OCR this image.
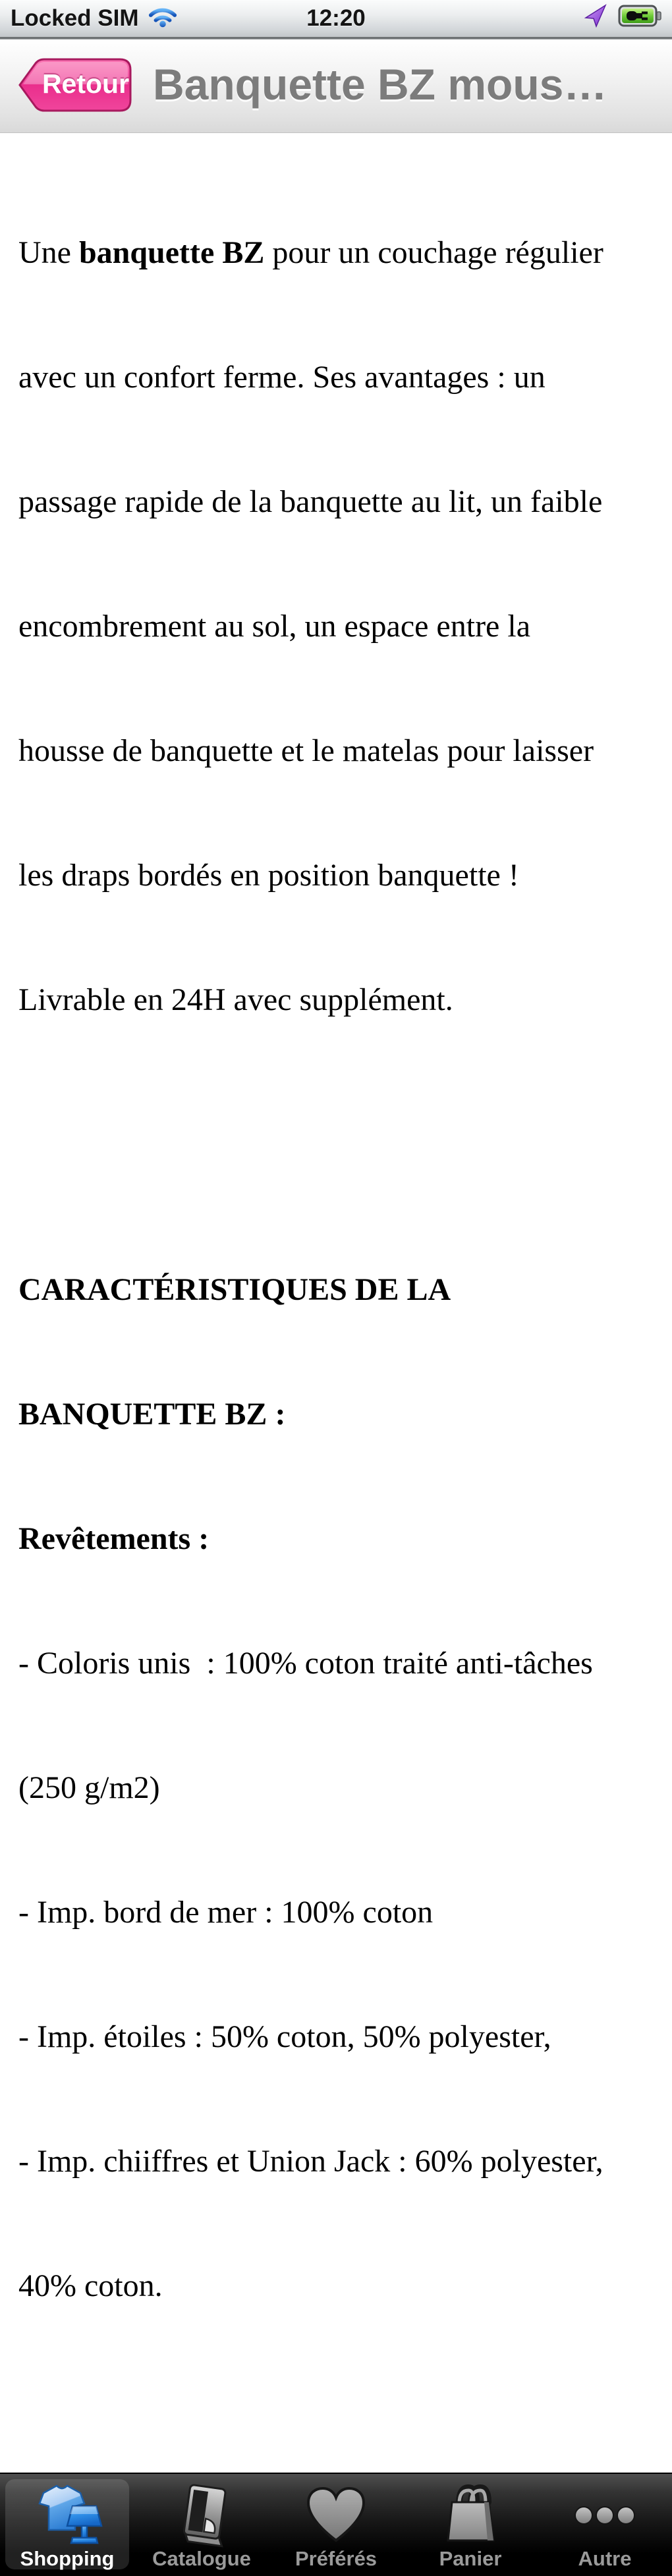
Locked SIM	12:20
Retour Banquette BZ mous…

Une banquette BZ pour un couchage régulier

avec un confort ferme. Ses avantages : un

passage rapide de la banquette au lit, un faible

encombrement au sol, un espace entre la

housse de banquette et le matelas pour laisser

les draps bordés en position banquette !

Livrable en 24H avec supplément.

CARACTÉRISTIQUES DE LA

BANQUETTE BZ :

Revêtements :

- Coloris unis  : 100% coton traité anti-tâches

(250 g/m2)

- Imp. bord de mer : 100% coton

- Imp. étoiles : 50% coton, 50% polyester,

- Imp. chiiffres et Union Jack : 60% polyester,

40% coton.

Shopping Catalogue Préférés	Panier	Autre
